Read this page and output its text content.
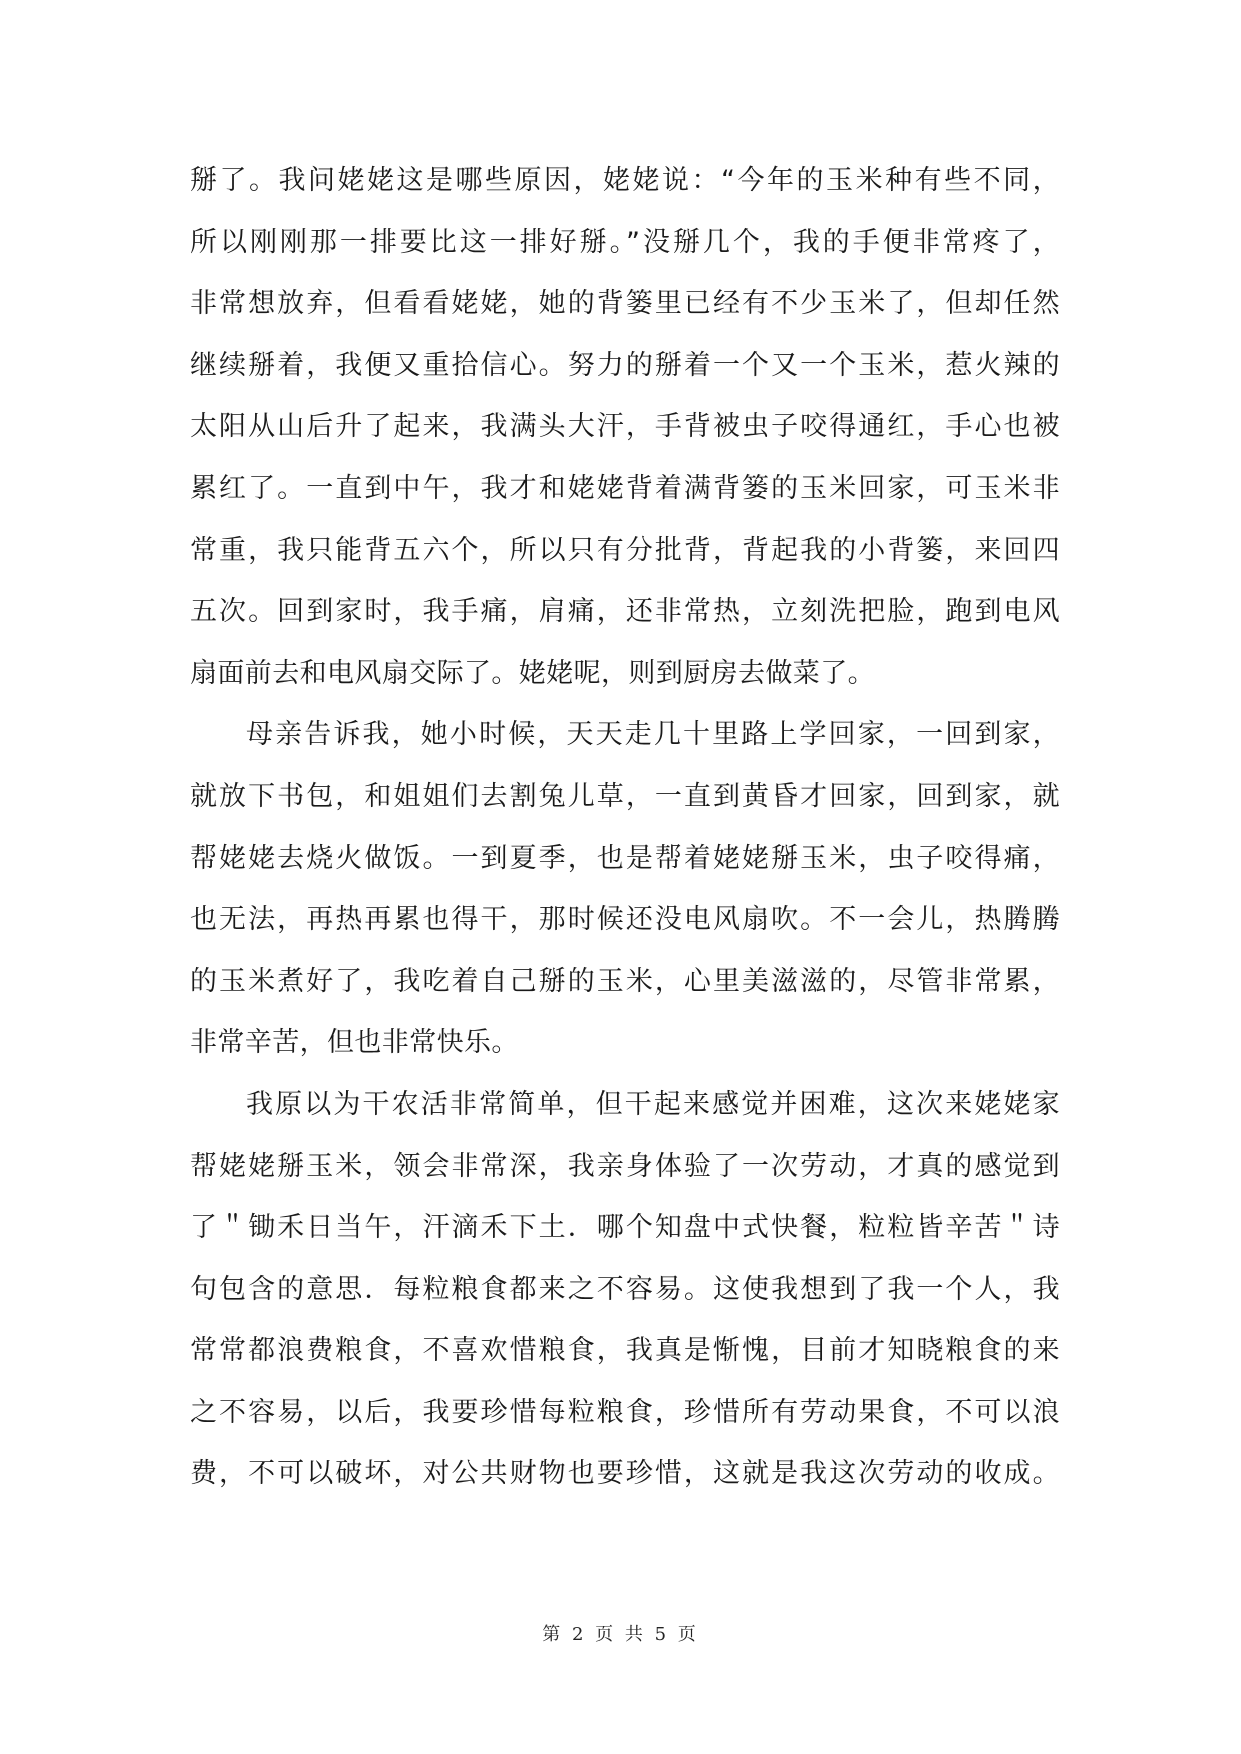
掰了。我问姥姥这是哪些原因，姥姥说：“今年的玉米种有些不同，
所以刚刚那一排要比这一排好掰。”没掰几个，我的手便非常疼了，
非常想放弃，但看看姥姥，她的背篓里已经有不少玉米了，但却任然
继续掰着，我便又重拾信心。努力的掰着一个又一个玉米，惹火辣的
太阳从山后升了起来，我满头大汗，手背被虫子咬得通红，手心也被
累红了。一直到中午，我才和姥姥背着满背篓的玉米回家，可玉米非
常重，我只能背五六个，所以只有分批背，背起我的小背篓，来回四
五次。回到家时，我手痛，肩痛，还非常热，立刻洗把脸，跑到电风
扇面前去和电风扇交际了。姥姥呢，则到厨房去做菜了。
母亲告诉我，她小时候，天天走几十里路上学回家，一回到家，
就放下书包，和姐姐们去割兔儿草，一直到黄昏才回家，回到家，就
帮姥姥去烧火做饭。一到夏季，也是帮着姥姥掰玉米，虫子咬得痛，
也无法，再热再累也得干，那时候还没电风扇吹。不一会儿，热腾腾
的玉米煮好了，我吃着自己掰的玉米，心里美滋滋的，尽管非常累，
非常辛苦，但也非常快乐。
我原以为干农活非常简单，但干起来感觉并困难，这次来姥姥家
帮姥姥掰玉米，领会非常深，我亲身体验了一次劳动，才真的感觉到
了＂锄禾日当午，汗滴禾下土．哪个知盘中式快餐，粒粒皆辛苦＂诗
句包含的意思．每粒粮食都来之不容易。这使我想到了我一个人，我
常常都浪费粮食，不喜欢惜粮食，我真是惭愧，目前才知晓粮食的来
之不容易，以后，我要珍惜每粒粮食，珍惜所有劳动果食，不可以浪
费，不可以破坏，对公共财物也要珍惜，这就是我这次劳动的收成。
第 2 页 共 5 页
